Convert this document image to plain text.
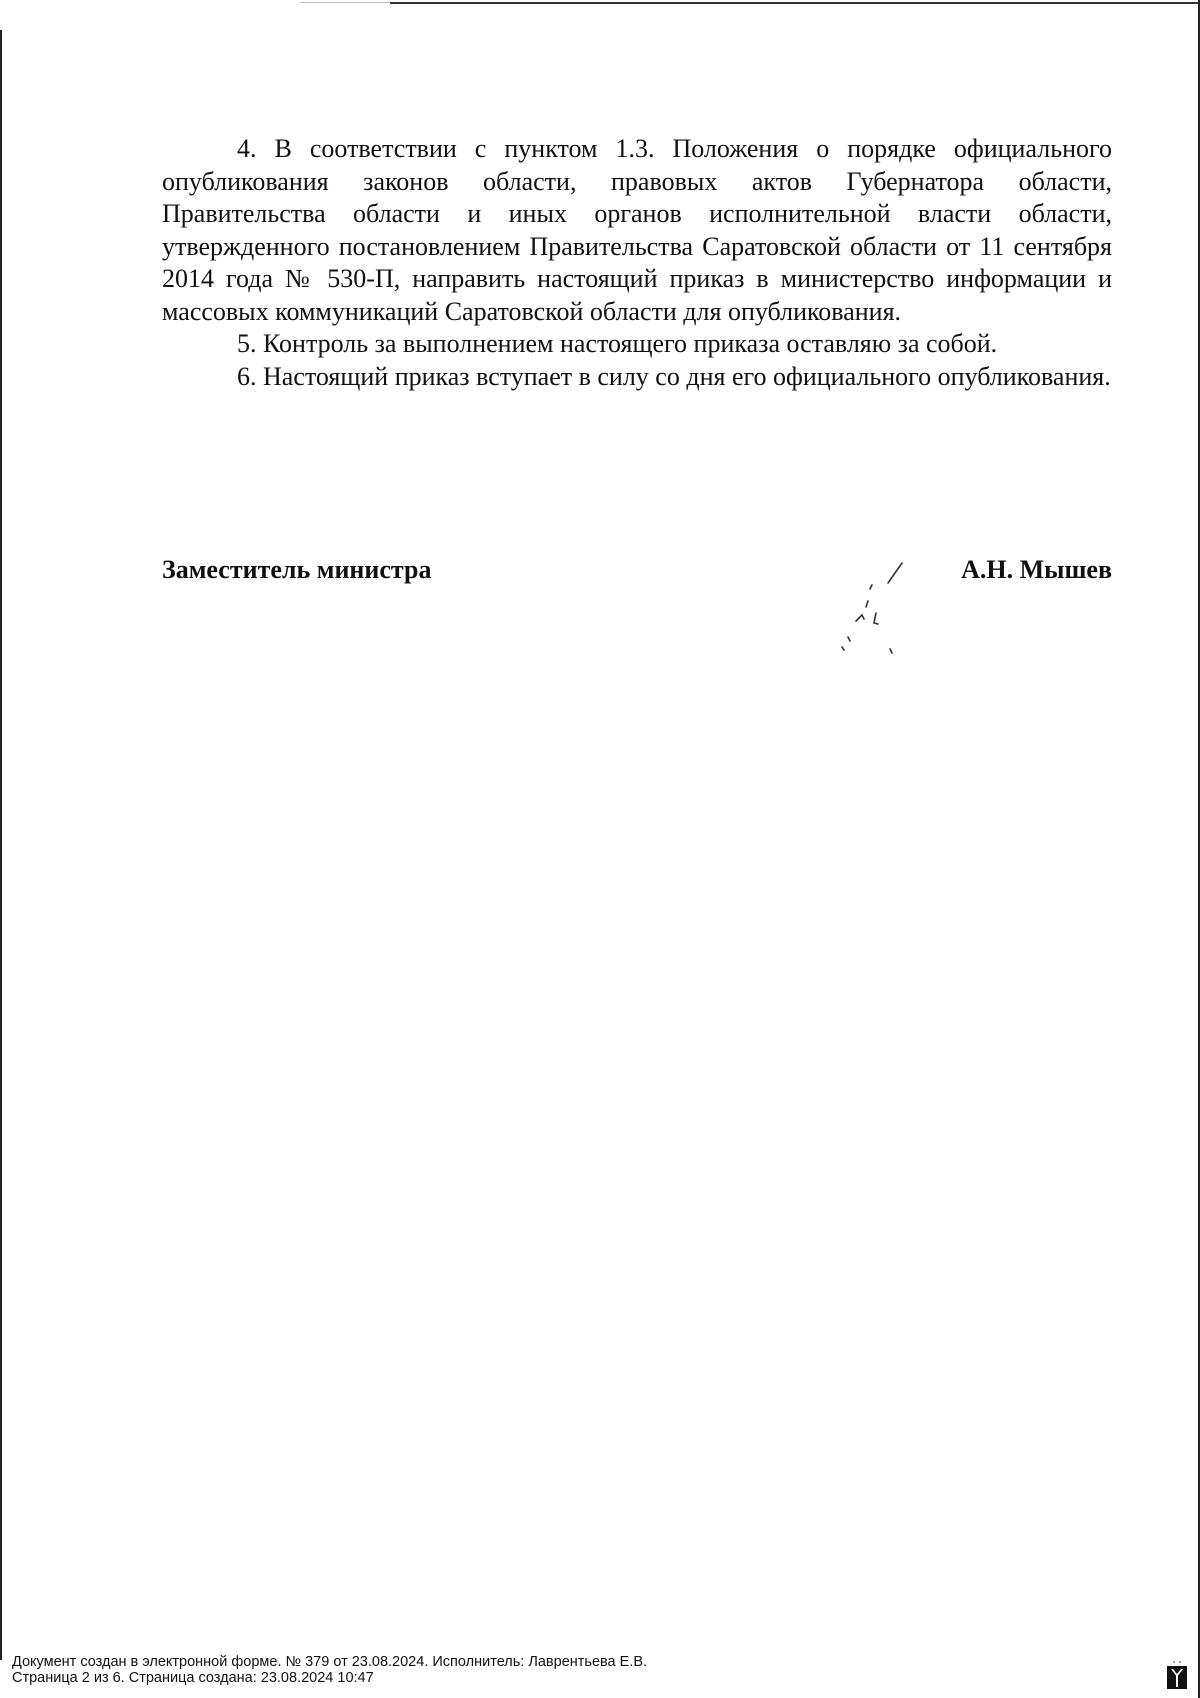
4. В соответствии с пунктом 1.3. Положения о порядке официального опубликования законов области, правовых актов Губернатора области, Правительства области и иных органов исполнительной власти области, утвержденного постановлением Правительства Саратовской области от 11 сентября 2014 года № 530-П, направить настоящий приказ в министерство информации и массовых коммуникаций Саратовской области для опубликования.

5. Контроль за выполнением настоящего приказа оставляю за собой.

6. Настоящий приказ вступает в силу со дня его официального опубликования.

Заместитель министра	А.Н. Мышев
Документ создан в электронной форме. № 379 от 23.08.2024. Исполнитель: Лаврентьева Е.В.
Страница 2 из 6. Страница создана: 23.08.2024 10:47
